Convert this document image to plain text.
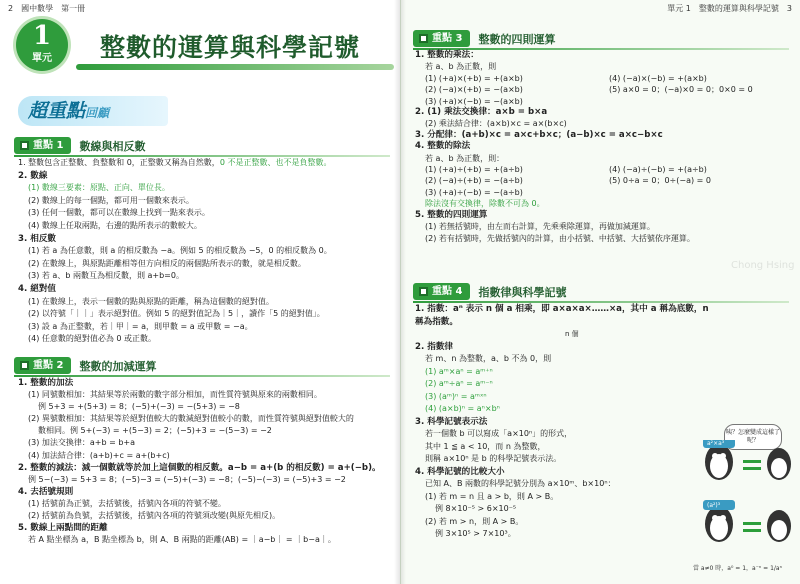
2　國中數學　第一冊
1
單元	整數的運算與科學記號
超重點回顧
重點 1 數線與相反數
1. 整數包含正整數、負整數和 0，正整數又稱為自然數，0 不是正整數、也不是負整數。
2. 數線
(1) 數線三要素：原點、正向、單位長。
(2) 數線上的每一個點，都可用一個數來表示。
(3) 任何一個數，都可以在數線上找到一點來表示。
(4) 數線上任取兩點，右邊的點所表示的數較大。
3. 相反數
(1) 若 a 為任意數，則 a 的相反數為 −a。例如 5 的相反數為 −5，0 的相反數為 0。
(2) 在數線上，與原點距離相等但方向相反的兩個點所表示的數，就是相反數。
(3) 若 a、b 兩數互為相反數，則 a+b=0。
4. 絕對值
(1) 在數線上，表示一個數的點與原點的距離，稱為這個數的絕對值。
(2) 以符號「｜｜」表示絕對值。例如 5 的絕對值記為｜5｜，讀作「5 的絕對值」。
(3) 設 a 為正整數，若｜甲｜= a，則甲數 = a 或甲數 = −a。
(4) 任意數的絕對值必為 0 或正數。
重點 2 整數的加減運算
1. 整數的加法
(1) 同號數相加：其結果等於兩數的數字部分相加，而性質符號與原來的兩數相同。
例 5+3 = +(5+3) = 8；(−5)+(−3) = −(5+3) = −8
(2) 異號數相加：其結果等於絕對值較大的數減絕對值較小的數，而性質符號與絕對值較大的
數相同。例 5+(−3) = +(5−3) = 2；(−5)+3 = −(5−3) = −2
(3) 加法交換律：a+b = b+a
(4) 加法結合律：(a+b)+c = a+(b+c)
2. 整數的減法：減一個數就等於加上這個數的相反數。a−b = a+(b 的相反數) = a+(−b)。
例 5−(−3) = 5+3 = 8；(−5)−3 = (−5)+(−3) = −8；(−5)−(−3) = (−5)+3 = −2
4. 去括號規則
(1) 括號前為正號，去括號後，括號內各項的符號不變。
(2) 括號前為負號，去括號後，括號內各項的符號須改變(與原先相反)。
5. 數線上兩點間的距離
若 A 點坐標為 a，B 點坐標為 b，則 A、B 兩點的距離(AB) = ｜a−b｜ = ｜b−a｜。
單元 1　整數的運算與科學記號　3
Chong Hsing
重點 3 整數的四則運算
1. 整數的乘法：
若 a、b 為正數，則
(1) (+a)×(+b) = +(a×b)	(4) (−a)×(−b) = +(a×b)
(2) (−a)×(+b) = −(a×b)	(5) a×0 = 0；(−a)×0 = 0；0×0 = 0
(3) (+a)×(−b) = −(a×b)
2. (1) 乘法交換律：a×b = b×a
(2) 乘法結合律：(a×b)×c = a×(b×c)
3. 分配律：(a+b)×c = a×c+b×c；(a−b)×c = a×c−b×c
4. 整數的除法
若 a、b 為正數，則：
(1) (+a)÷(+b) = +(a÷b)	(4) (−a)÷(−b) = +(a÷b)
(2) (−a)÷(+b) = −(a÷b)	(5) 0÷a = 0；0÷(−a) = 0
(3) (+a)÷(−b) = −(a÷b)
除法沒有交換律，除數不可為 0。
5. 整數的四則運算
(1) 若無括號時，由左而右計算，先乘乘除運算，再做加減運算。
(2) 若有括號時，先做括號內的計算，由小括號、中括號、大括號依序運算。
重點 4 指數律與科學記號
1. 指數：aⁿ 表示 n 個 a 相乘，即 a×a×a×……×a，其中 a 稱為底數，n 稱為指數。
n 個
2. 指數律
若 m、n 為整數，a、b 不為 0，則
(1) aᵐ×aⁿ = aᵐ⁺ⁿ
(2) aᵐ÷aⁿ = aᵐ⁻ⁿ
(3) (aᵐ)ⁿ = aᵐˣⁿ
(4) (a×b)ⁿ = aⁿ×bⁿ
3. 科學記號表示法
若一個數 b 可以寫成「a×10ⁿ」的形式，
其中 1 ≦ a < 10，而 n 為整數，
則稱 a×10ⁿ 是 b 的科學記號表示法。
4. 科學記號的比較大小
已知 A、B 兩數的科學記號分別為 a×10ᵐ、b×10ⁿ：
(1) 若 m = n 且 a > b，則 A > B。
例 8×10⁻⁵ > 6×10⁻⁵
(2) 若 m > n，則 A > B。
例 3×10⁵ > 7×10³。
咦？怎麼變成這樣了呢？
a²×a³
(a²)³
當 a≠0 時，a⁰ = 1，a⁻ⁿ = 1/aⁿ
